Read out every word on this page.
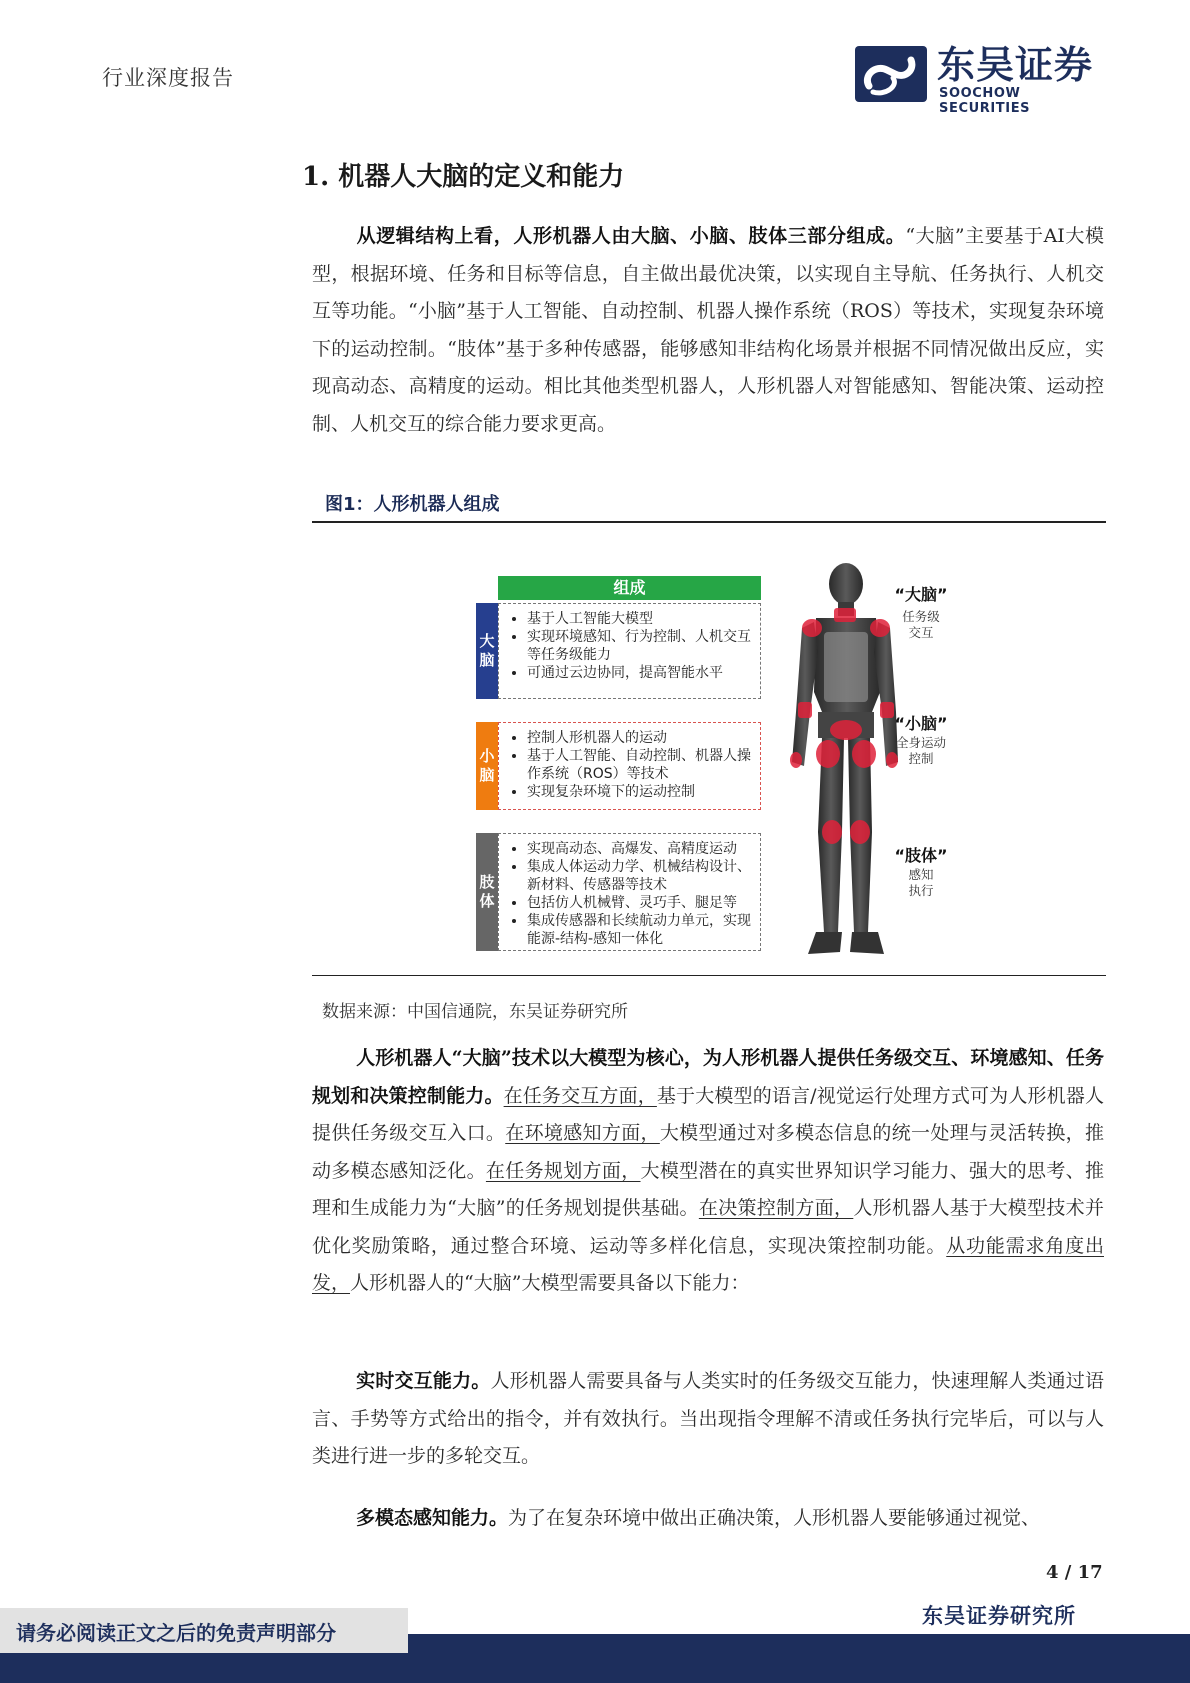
行业深度报告	东吴证券
SOOCHOW SECURITIES
1. 机器人大脑的定义和能力
从逻辑结构上看，人形机器人由大脑、小脑、肢体三部分组成。“大脑”主要基于AI大模型，根据环境、任务和目标等信息，自主做出最优决策，以实现自主导航、任务执行、人机交互等功能。“小脑”基于人工智能、自动控制、机器人操作系统（ROS）等技术，实现复杂环境下的运动控制。“肢体”基于多种传感器，能够感知非结构化场景并根据不同情况做出反应，实现高动态、高精度的运动。相比其他类型机器人，人形机器人对智能感知、智能决策、运动控制、人机交互的综合能力要求更高。
图1：人形机器人组成
组成
大脑
• 基于人工智能大模型
• 实现环境感知、行为控制、人机交互等任务级能力
• 可通过云边协同，提高智能水平
小脑
• 控制人形机器人的运动
• 基于人工智能、自动控制、机器人操作系统（ROS）等技术
• 实现复杂环境下的运动控制
肢体
• 实现高动态、高爆发、高精度运动
• 集成人体运动力学、机械结构设计、新材料、传感器等技术
• 包括仿人机械臂、灵巧手、腿足等
• 集成传感器和长续航动力单元，实现能源-结构-感知一体化
“大脑”
任务级
交互
“小脑”
全身运动
控制
“肢体”
感知
执行
数据来源：中国信通院，东吴证券研究所
人形机器人“大脑”技术以大模型为核心，为人形机器人提供任务级交互、环境感知、任务规划和决策控制能力。在任务交互方面，基于大模型的语言/视觉运行处理方式可为人形机器人提供任务级交互入口。在环境感知方面，大模型通过对多模态信息的统一处理与灵活转换，推动多模态感知泛化。在任务规划方面，大模型潜在的真实世界知识学习能力、强大的思考、推理和生成能力为“大脑”的任务规划提供基础。在决策控制方面，人形机器人基于大模型技术并优化奖励策略，通过整合环境、运动等多样化信息，实现决策控制功能。从功能需求角度出发，人形机器人的“大脑”大模型需要具备以下能力：
实时交互能力。人形机器人需要具备与人类实时的任务级交互能力，快速理解人类通过语言、手势等方式给出的指令，并有效执行。当出现指令理解不清或任务执行完毕后，可以与人类进行进一步的多轮交互。
多模态感知能力。为了在复杂环境中做出正确决策，人形机器人要能够通过视觉、
4 / 17
东吴证券研究所
请务必阅读正文之后的免责声明部分
